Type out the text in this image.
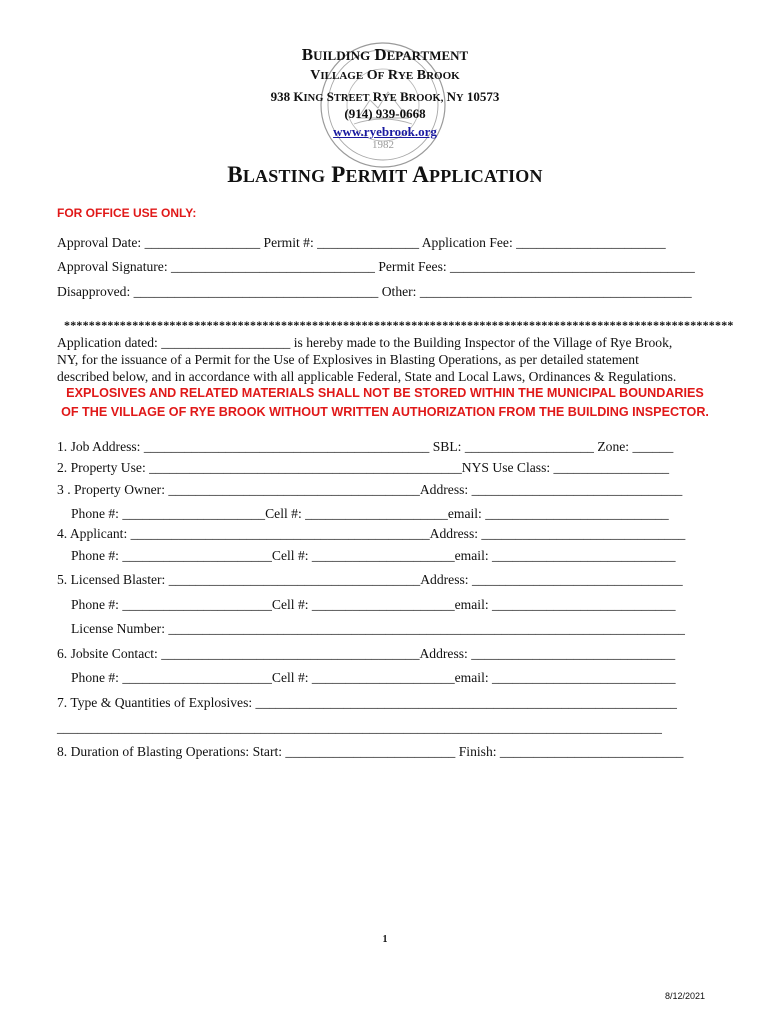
1982
BUILDING DEPARTMENT
VILLAGE OF RYE BROOK
938 KING STREET RYE BROOK, NY 10573
(914) 939-0668
www.ryebrook.org
BLASTING PERMIT APPLICATION
FOR OFFICE USE ONLY:
Approval Date: _________________ Permit #: _______________ Application Fee: ______________________
Approval Signature: ______________________________ Permit Fees: ____________________________________
Disapproved: ____________________________________ Other: ________________________________________
************************************************************************************************************
Application dated: ___________________ is hereby made to the Building Inspector of the Village of Rye Brook,
NY, for the issuance of a Permit for the Use of Explosives in Blasting Operations, as per detailed statement
described below, and in accordance with all applicable Federal, State and Local Laws, Ordinances & Regulations.
EXPLOSIVES AND RELATED MATERIALS SHALL NOT BE STORED WITHIN THE MUNICIPAL BOUNDARIES
OF THE VILLAGE OF RYE BROOK WITHOUT WRITTEN AUTHORIZATION FROM THE BUILDING INSPECTOR.
1. Job Address: __________________________________________ SBL: ___________________ Zone: ______
2. Property Use: ______________________________________________NYS Use Class: _________________
3 . Property Owner: _____________________________________Address: _______________________________
Phone #: _____________________Cell #: _____________________email: ___________________________
4. Applicant: ____________________________________________Address: ______________________________
Phone #: ______________________Cell #: _____________________email: ___________________________
5. Licensed Blaster: _____________________________________Address: _______________________________
Phone #: ______________________Cell #: _____________________email: ___________________________
License Number: ____________________________________________________________________________
6. Jobsite Contact: ______________________________________Address: ______________________________
Phone #: ______________________Cell #: _____________________email: ___________________________
7. Type & Quantities of Explosives: ______________________________________________________________
_________________________________________________________________________________________
8. Duration of Blasting Operations: Start: _________________________ Finish: ___________________________
1
8/12/2021
